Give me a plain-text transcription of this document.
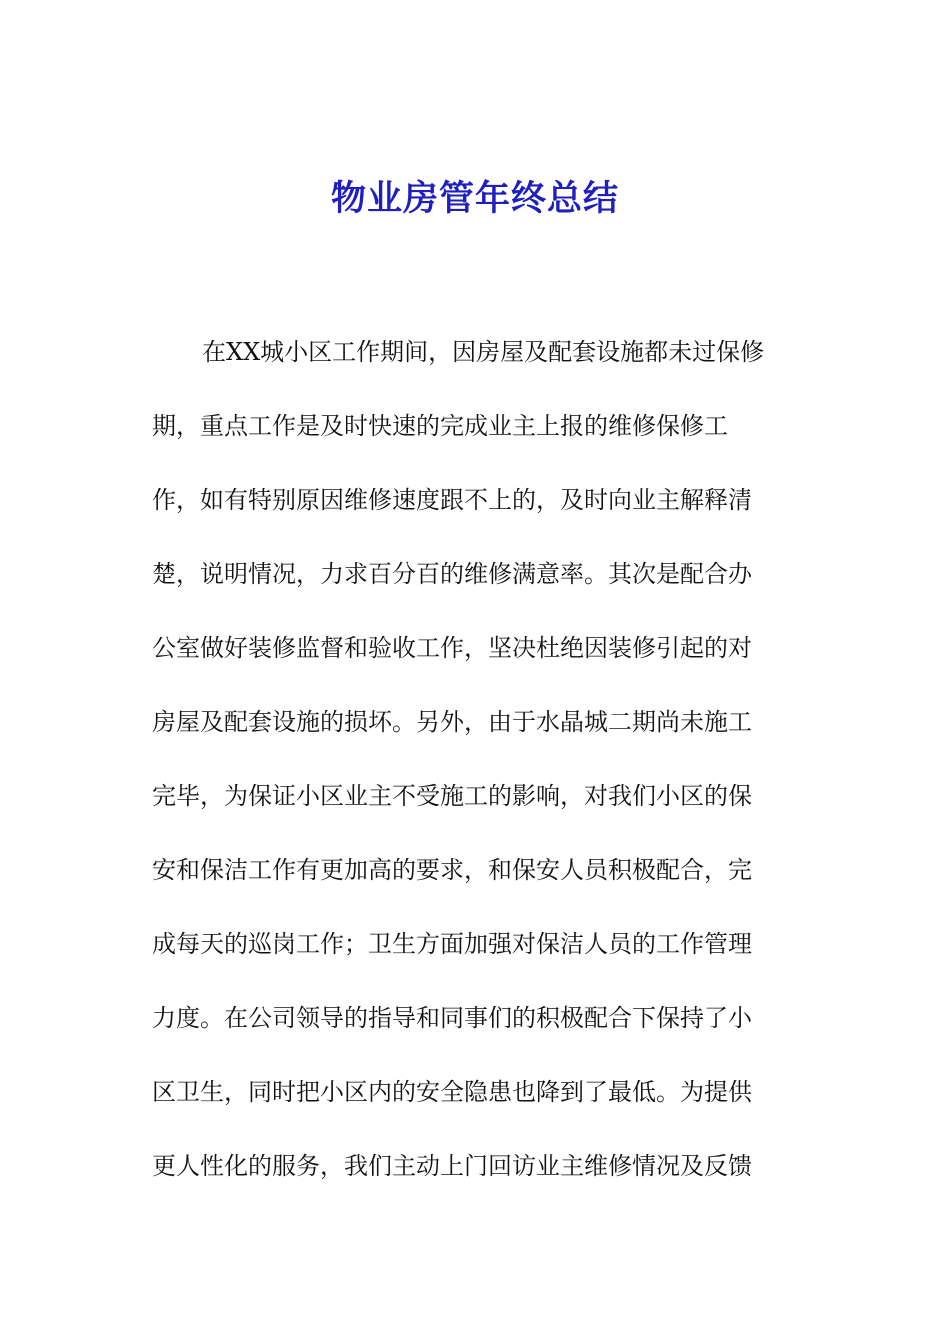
物业房管年终总结
在XX城小区工作期间，因房屋及配套设施都未过保修
期，重点工作是及时快速的完成业主上报的维修保修工
作，如有特别原因维修速度跟不上的，及时向业主解释清
楚，说明情况，力求百分百的维修满意率。其次是配合办
公室做好装修监督和验收工作，坚决杜绝因装修引起的对
房屋及配套设施的损坏。另外，由于水晶城二期尚未施工
完毕，为保证小区业主不受施工的影响，对我们小区的保
安和保洁工作有更加高的要求，和保安人员积极配合，完
成每天的巡岗工作；卫生方面加强对保洁人员的工作管理
力度。在公司领导的指导和同事们的积极配合下保持了小
区卫生，同时把小区内的安全隐患也降到了最低。为提供
更人性化的服务，我们主动上门回访业主维修情况及反馈
